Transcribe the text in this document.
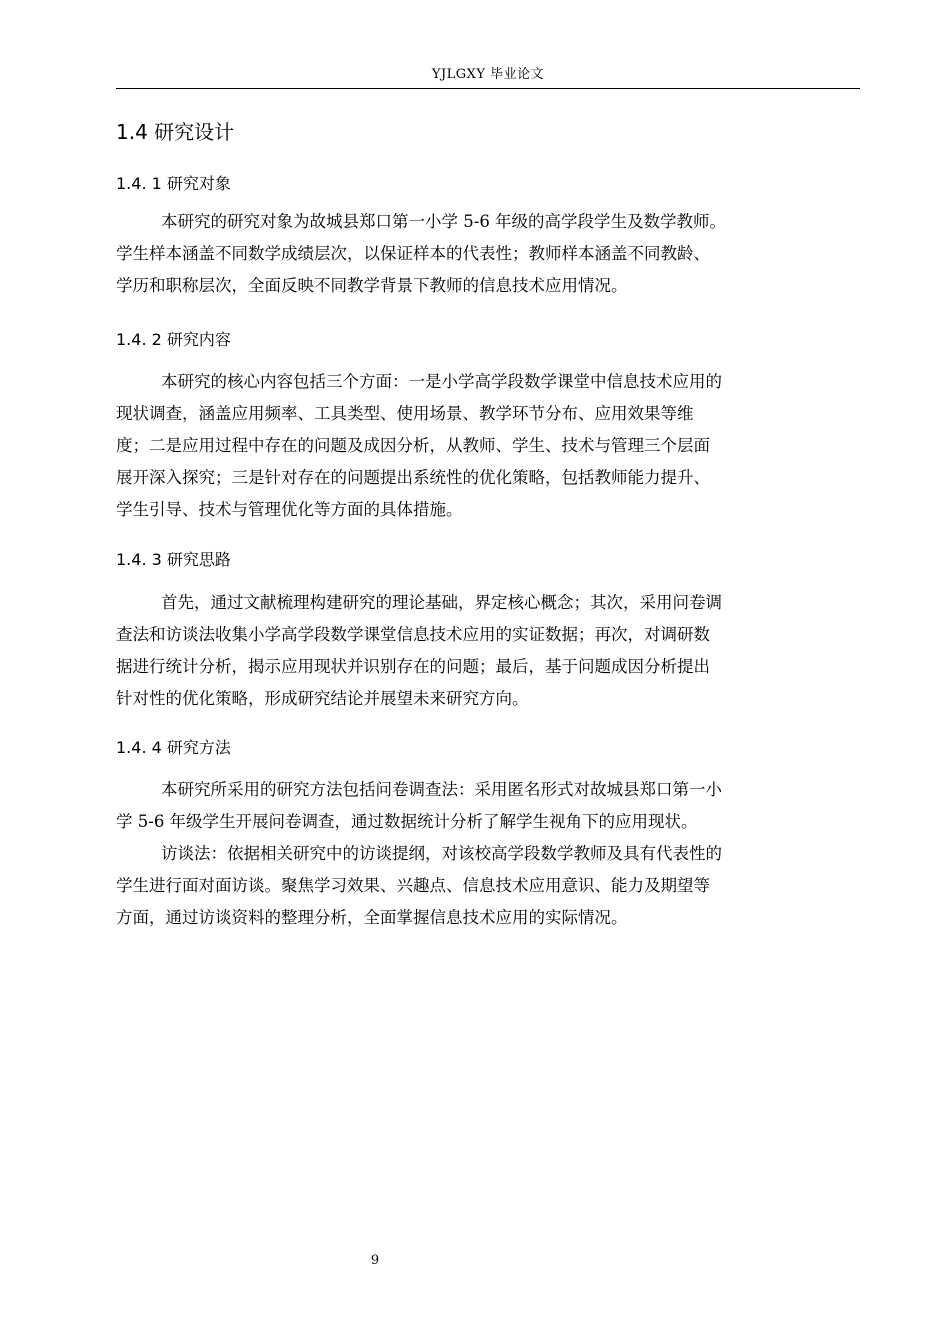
YJLGXY 毕业论文
1.4 研究设计
1.4. 1 研究对象
本研究的研究对象为故城县郑口第一小学 5-6 年级的高学段学生及数学教师。
学生样本涵盖不同数学成绩层次，以保证样本的代表性；教师样本涵盖不同教龄、
学历和职称层次，全面反映不同教学背景下教师的信息技术应用情况。
1.4. 2 研究内容
本研究的核心内容包括三个方面：一是小学高学段数学课堂中信息技术应用的
现状调查，涵盖应用频率、工具类型、使用场景、教学环节分布、应用效果等维
度；二是应用过程中存在的问题及成因分析，从教师、学生、技术与管理三个层面
展开深入探究；三是针对存在的问题提出系统性的优化策略，包括教师能力提升、
学生引导、技术与管理优化等方面的具体措施。
1.4. 3 研究思路
首先，通过文献梳理构建研究的理论基础，界定核心概念；其次，采用问卷调
查法和访谈法收集小学高学段数学课堂信息技术应用的实证数据；再次，对调研数
据进行统计分析，揭示应用现状并识别存在的问题；最后，基于问题成因分析提出
针对性的优化策略，形成研究结论并展望未来研究方向。
1.4. 4 研究方法
本研究所采用的研究方法包括问卷调查法：采用匿名形式对故城县郑口第一小
学 5-6 年级学生开展问卷调查，通过数据统计分析了解学生视角下的应用现状。
访谈法：依据相关研究中的访谈提纲，对该校高学段数学教师及具有代表性的
学生进行面对面访谈。聚焦学习效果、兴趣点、信息技术应用意识、能力及期望等
方面，通过访谈资料的整理分析，全面掌握信息技术应用的实际情况。
9
